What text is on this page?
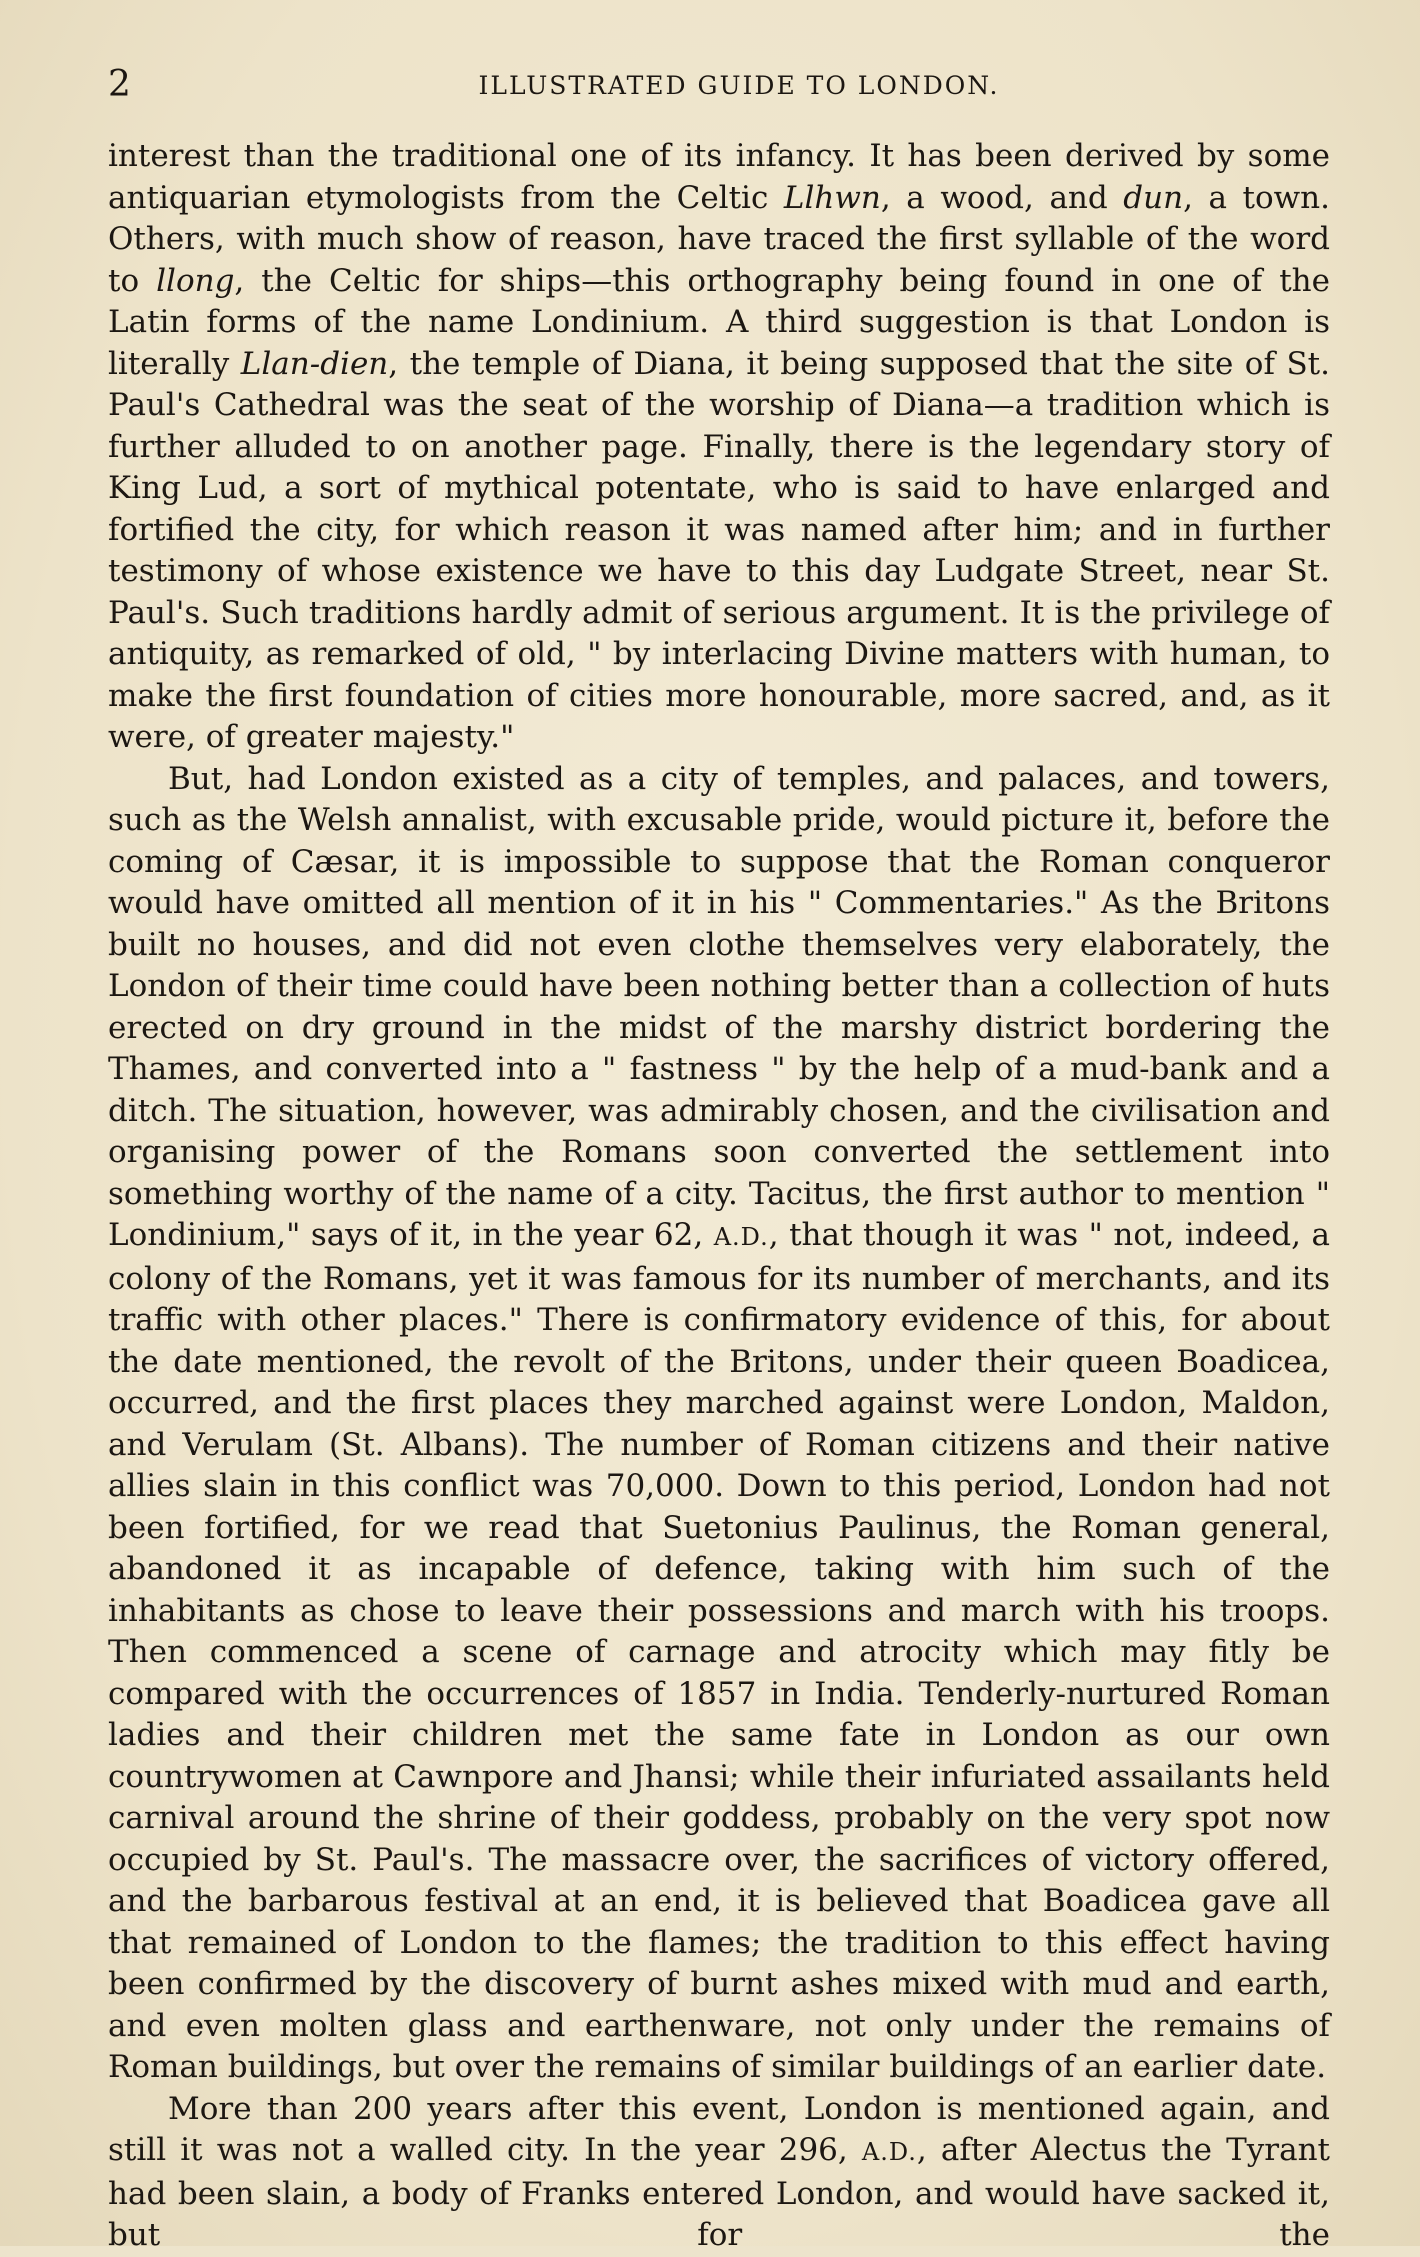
2	ILLUSTRATED GUIDE TO LONDON.

interest than the traditional one of its infancy. It has been derived by some antiquarian etymologists from the Celtic Llhwn, a wood, and dun, a town. Others, with much show of reason, have traced the first syllable of the word to llong, the Celtic for ships—this orthography being found in one of the Latin forms of the name Londinium. A third suggestion is that London is literally Llan-dien, the temple of Diana, it being supposed that the site of St. Paul's Cathedral was the seat of the worship of Diana—a tradition which is further alluded to on another page. Finally, there is the legendary story of King Lud, a sort of mythical potentate, who is said to have enlarged and fortified the city, for which reason it was named after him; and in further testimony of whose existence we have to this day Ludgate Street, near St. Paul's. Such traditions hardly admit of serious argument. It is the privilege of antiquity, as remarked of old, " by interlacing Divine matters with human, to make the first foundation of cities more honourable, more sacred, and, as it were, of greater majesty."

But, had London existed as a city of temples, and palaces, and towers, such as the Welsh annalist, with excusable pride, would picture it, before the coming of Cæsar, it is impossible to suppose that the Roman conqueror would have omitted all mention of it in his " Commentaries." As the Britons built no houses, and did not even clothe themselves very elaborately, the London of their time could have been nothing better than a collection of huts erected on dry ground in the midst of the marshy district bordering the Thames, and converted into a " fastness " by the help of a mud-bank and a ditch. The situation, however, was admirably chosen, and the civilisation and organising power of the Romans soon converted the settlement into something worthy of the name of a city. Tacitus, the first author to mention " Londinium," says of it, in the year 62, A.D., that though it was " not, indeed, a colony of the Romans, yet it was famous for its number of merchants, and its traffic with other places." There is confirmatory evidence of this, for about the date mentioned, the revolt of the Britons, under their queen Boadicea, occurred, and the first places they marched against were London, Maldon, and Verulam (St. Albans). The number of Roman citizens and their native allies slain in this conflict was 70,000. Down to this period, London had not been fortified, for we read that Suetonius Paulinus, the Roman general, abandoned it as incapable of defence, taking with him such of the inhabitants as chose to leave their possessions and march with his troops. Then commenced a scene of carnage and atrocity which may fitly be compared with the occurrences of 1857 in India. Tenderly-nurtured Roman ladies and their children met the same fate in London as our own countrywomen at Cawnpore and Jhansi; while their infuriated assailants held carnival around the shrine of their goddess, probably on the very spot now occupied by St. Paul's. The massacre over, the sacrifices of victory offered, and the barbarous festival at an end, it is believed that Boadicea gave all that remained of London to the flames; the tradition to this effect having been confirmed by the discovery of burnt ashes mixed with mud and earth, and even molten glass and earthenware, not only under the remains of Roman buildings, but over the remains of similar buildings of an earlier date.

More than 200 years after this event, London is mentioned again, and still it was not a walled city. In the year 296, A.D., after Alectus the Tyrant had been slain, a body of Franks entered London, and would have sacked it, but for the
